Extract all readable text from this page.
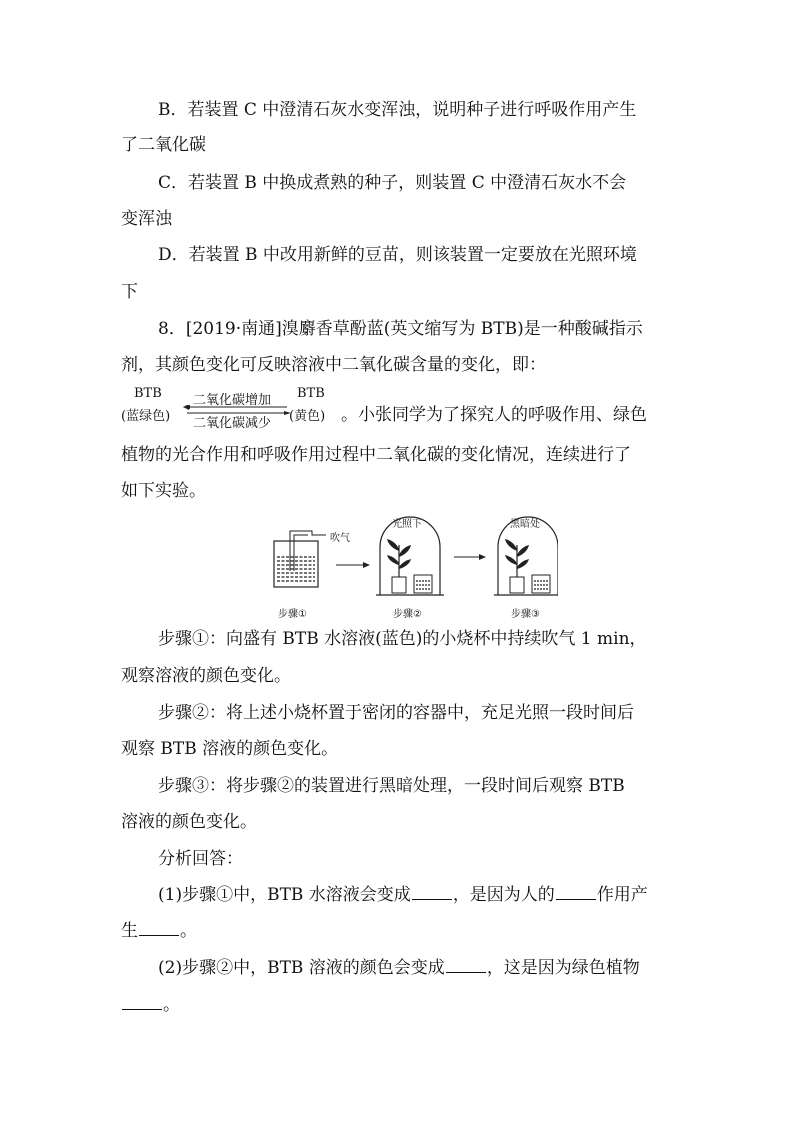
B．若装置 C 中澄清石灰水变浑浊，说明种子进行呼吸作用产生
了二氧化碳
C．若装置 B 中换成煮熟的种子，则装置 C 中澄清石灰水不会
变浑浊
D．若装置 B 中改用新鲜的豆苗，则该装置一定要放在光照环境
下
8．[2019·南通]溴麝香草酚蓝(英文缩写为 BTB)是一种酸碱指示
剂，其颜色变化可反映溶液中二氧化碳含量的变化，即：
植物的光合作用和呼吸作用过程中二氧化碳的变化情况，连续进行了
如下实验。
步骤①：向盛有 BTB 水溶液(蓝色)的小烧杯中持续吹气 1 min，
观察溶液的颜色变化。
步骤②：将上述小烧杯置于密闭的容器中，充足光照一段时间后
观察 BTB 溶液的颜色变化。
步骤③：将步骤②的装置进行黑暗处理，一段时间后观察 BTB
溶液的颜色变化。
分析回答：
BTB
(蓝绿色)
二氧化碳增加
二氧化碳减少
BTB
(黄色) 。小张同学为了探究人的呼吸作用、绿色
吹气
光照下	黑暗处
步骤①	步骤②	步骤③
(1)步骤①中，BTB 水溶液会变成 ，是因为人的 作用产
生 。
(2)步骤②中，BTB 溶液的颜色会变成 ，这是因为绿色植物
。
